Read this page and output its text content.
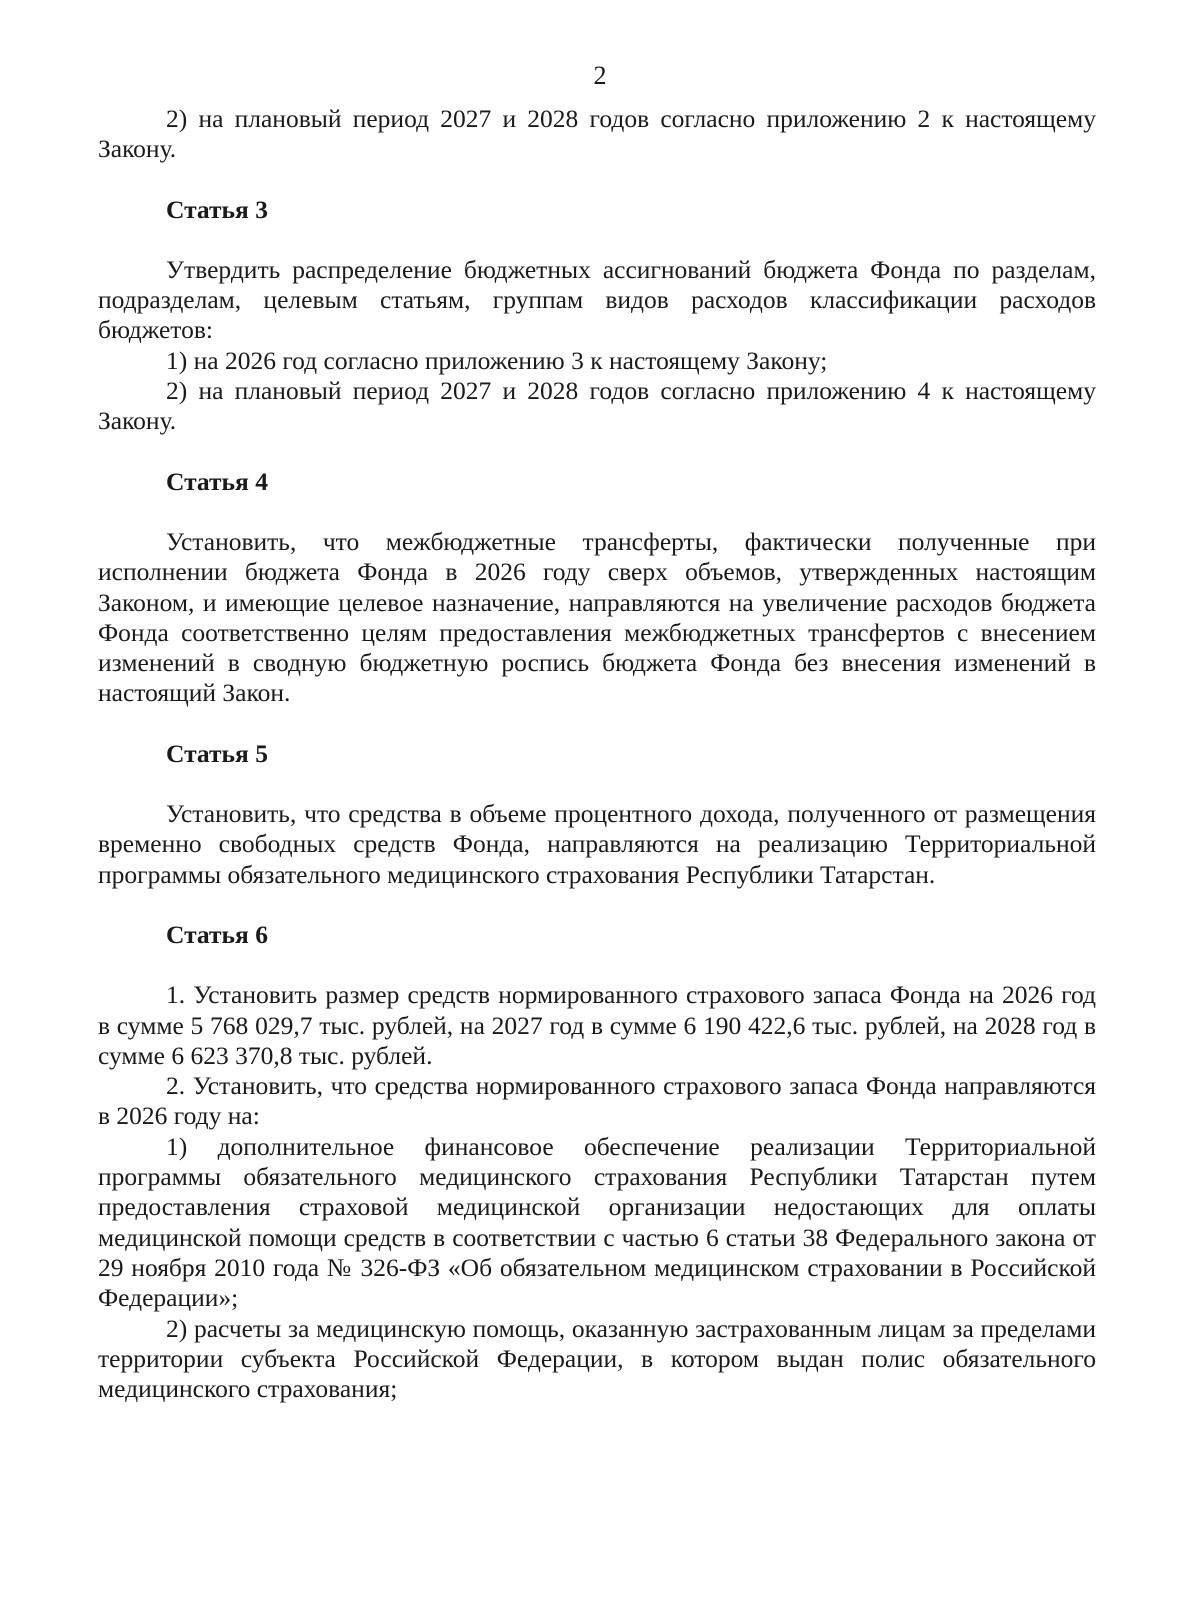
2

2) на плановый период 2027 и 2028 годов согласно приложению 2 к настоящему Закону.

Статья 3

Утвердить распределение бюджетных ассигнований бюджета Фонда по разделам, подразделам, целевым статьям, группам видов расходов классификации расходов бюджетов:

1) на 2026 год согласно приложению 3 к настоящему Закону;

2) на плановый период 2027 и 2028 годов согласно приложению 4 к настоящему Закону.

Статья 4

Установить, что межбюджетные трансферты, фактически полученные при исполнении бюджета Фонда в 2026 году сверх объемов, утвержденных настоящим Законом, и имеющие целевое назначение, направляются на увеличение расходов бюджета Фонда соответственно целям предоставления межбюджетных трансфертов с внесением изменений в сводную бюджетную роспись бюджета Фонда без внесения изменений в настоящий Закон.

Статья 5

Установить, что средства в объеме процентного дохода, полученного от размещения временно свободных средств Фонда, направляются на реализацию Территориальной программы обязательного медицинского страхования Республики Татарстан.

Статья 6

1. Установить размер средств нормированного страхового запаса Фонда на 2026 год в сумме 5 768 029,7 тыс. рублей, на 2027 год в сумме 6 190 422,6 тыс. рублей, на 2028 год в сумме 6 623 370,8 тыс. рублей.

2. Установить, что средства нормированного страхового запаса Фонда направляются в 2026 году на:

1) дополнительное финансовое обеспечение реализации Территориальной программы обязательного медицинского страхования Республики Татарстан путем предоставления страховой медицинской организации недостающих для оплаты медицинской помощи средств в соответствии с частью 6 статьи 38 Федерального закона от 29 ноября 2010 года № 326-ФЗ «Об обязательном медицинском страховании в Российской Федерации»;

2) расчеты за медицинскую помощь, оказанную застрахованным лицам за пределами территории субъекта Российской Федерации, в котором выдан полис обязательного медицинского страхования;
